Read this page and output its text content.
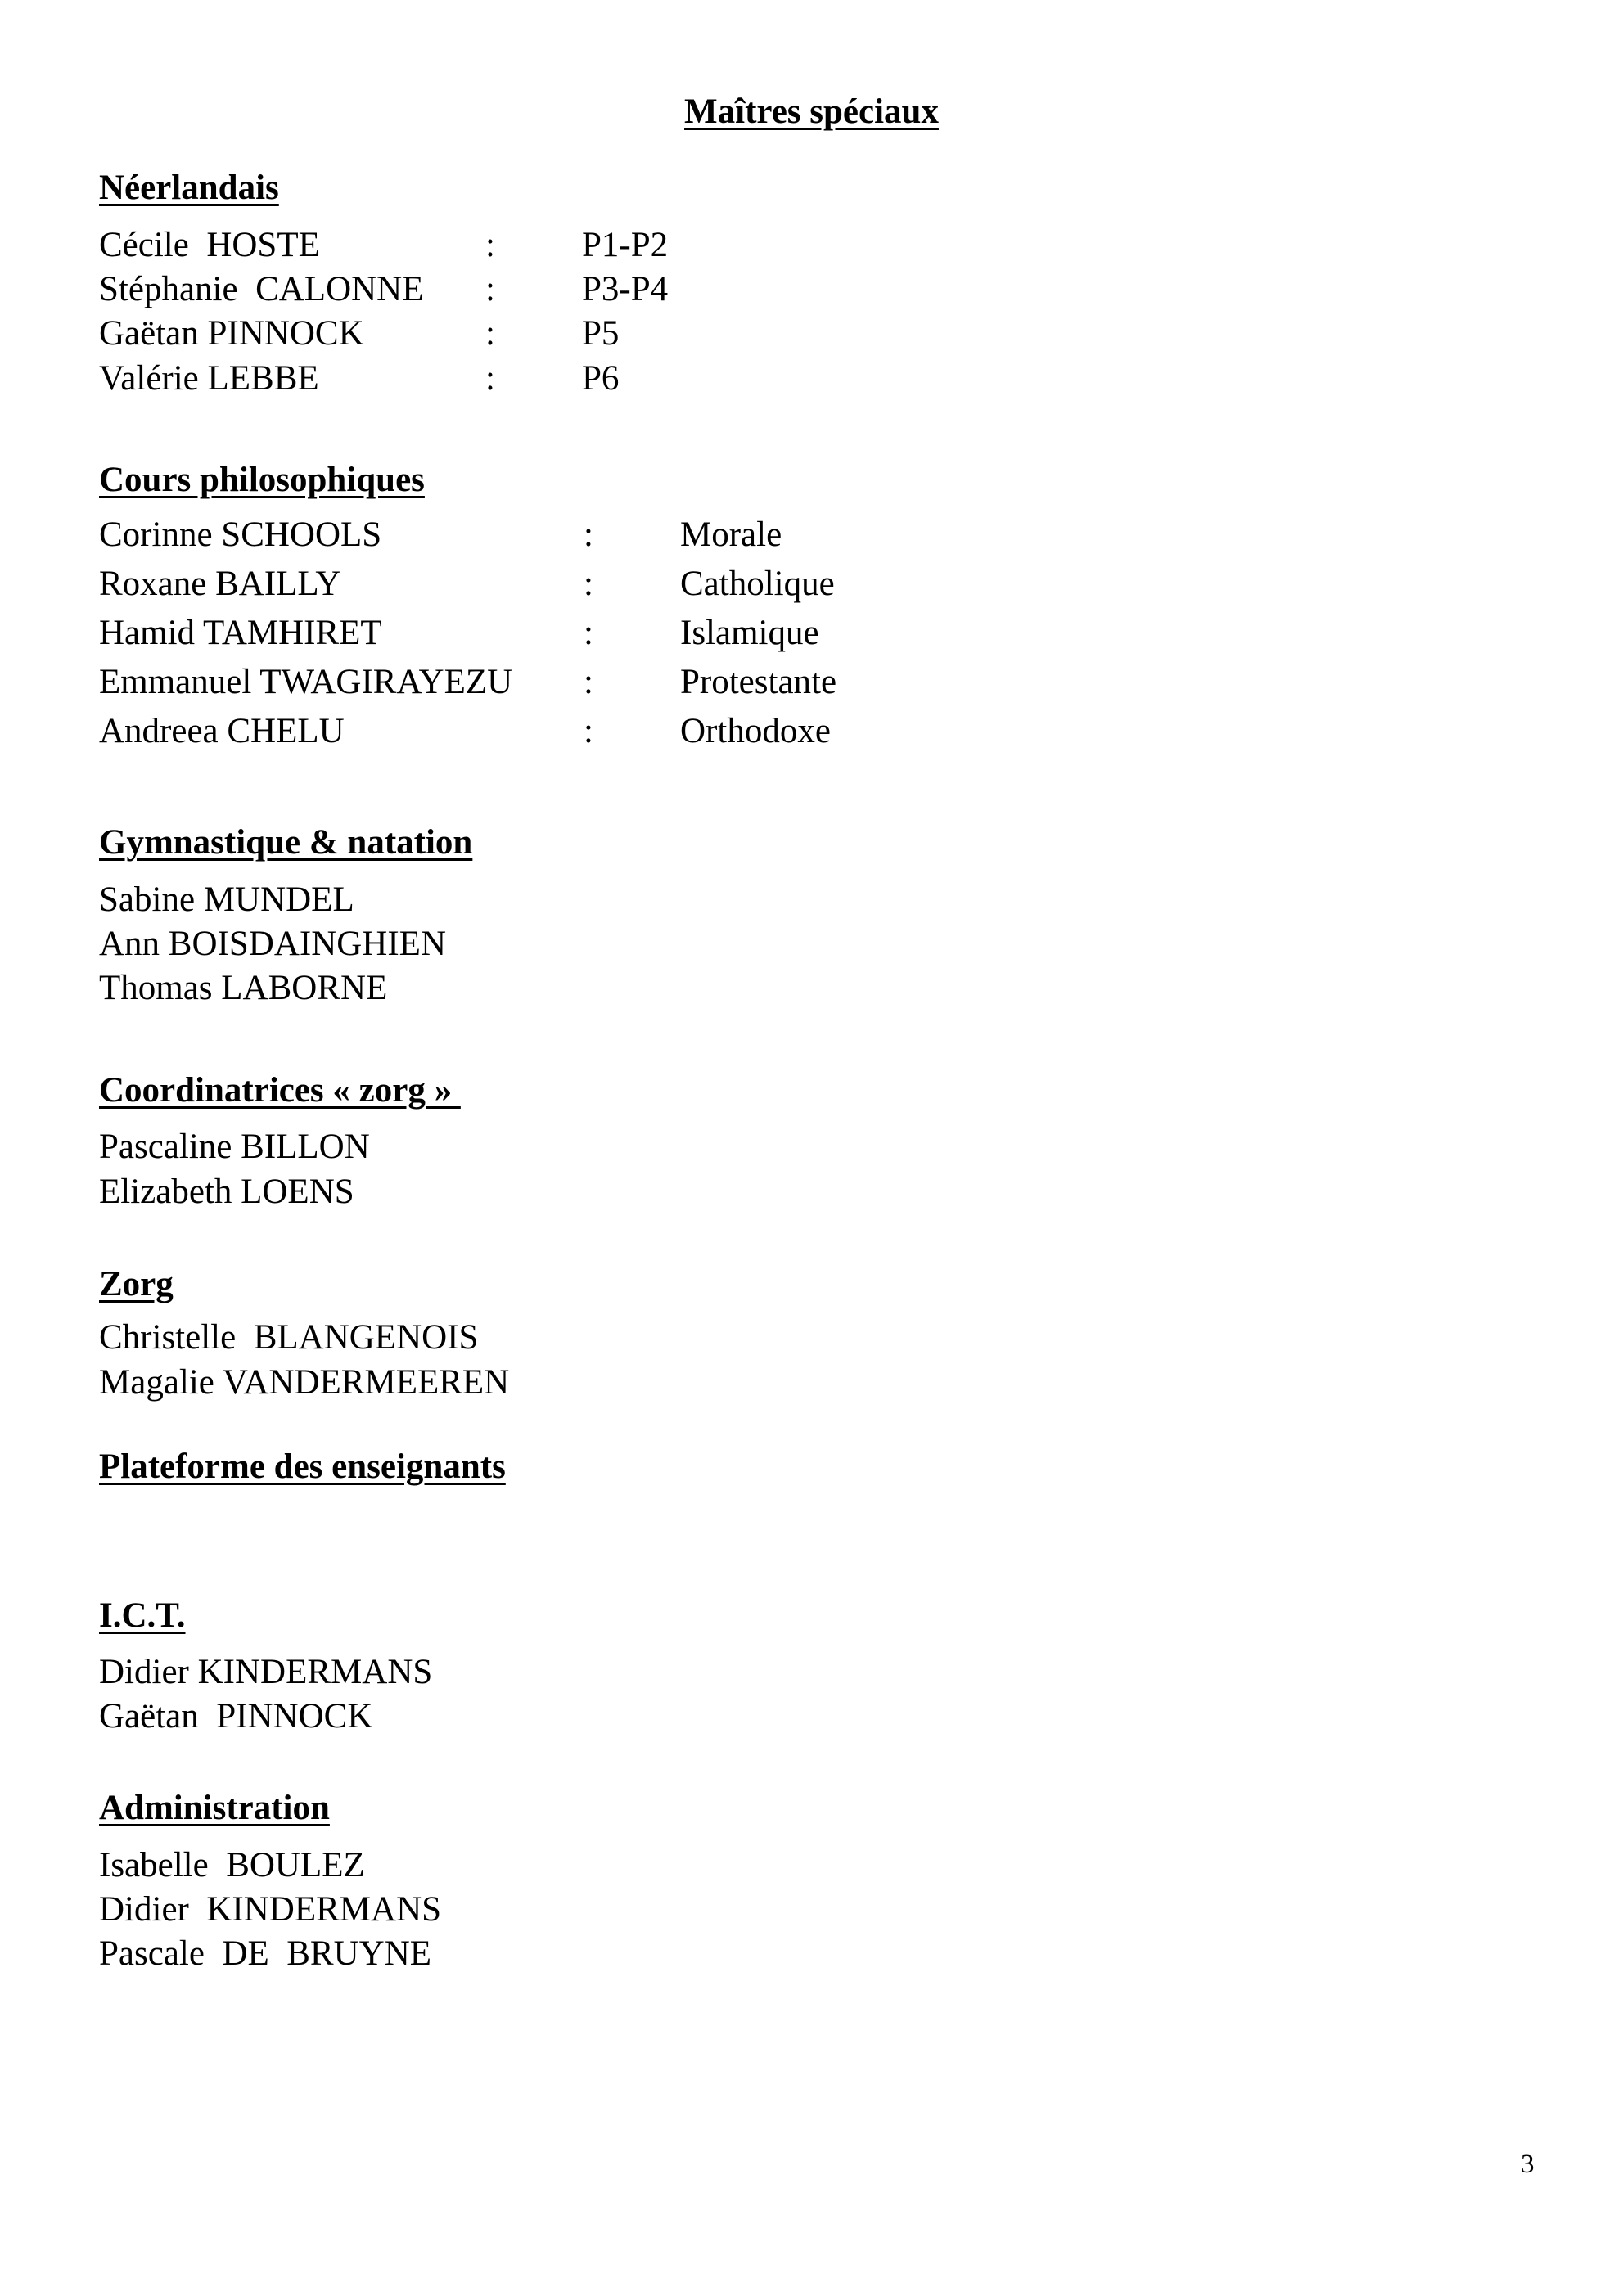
Maîtres spéciaux
Néerlandais
Cécile  HOSTE	: P1-P2
Stéphanie  CALONNE : P3-P4
Gaëtan PINNOCK	: P5
Valérie LEBBE	: P6
Cours philosophiques
Corinne SCHOOLS	: Morale
Roxane BAILLY	: Catholique
Hamid TAMHIRET	: Islamique
Emmanuel TWAGIRAYEZU : Protestante
Andreea CHELU	: Orthodoxe
Gymnastique & natation
Sabine MUNDEL
Ann BOISDAINGHIEN
Thomas LABORNE
Coordinatrices « zorg »
Pascaline BILLON
Elizabeth LOENS
Zorg
Christelle  BLANGENOIS
Magalie VANDERMEEREN
Plateforme des enseignants
I.C.T.
Didier KINDERMANS
Gaëtan  PINNOCK
Administration
Isabelle  BOULEZ
Didier  KINDERMANS
Pascale  DE  BRUYNE
3
